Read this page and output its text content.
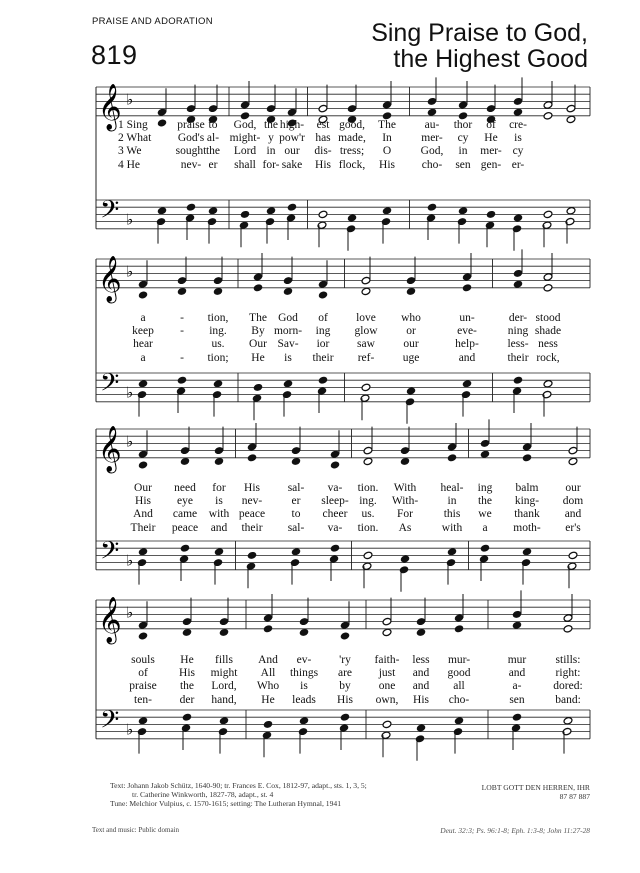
PRAISE AND ADORATION
819
Sing Praise to God,
the Highest Good
𝄞
𝄢
♭
♭
𝄞
𝄢
♭
♭
𝄞
𝄢
♭
♭
𝄞
𝄢
♭
♭
1 Sing	praise to God, the high- est good, The au- thor of cre-
2 What God's al- might- y pow'r has made, In	mer- cy He is
3 We	sought the Lord in our dis- tress; O	God, in mer- cy
4 He	nev- er shall for- sake His flock, His cho- sen gen- er-
a	- tion, The God of love who	un-	der- stood
keep - ing. By morn- ing glow or	eve-	ning shade
hear	us. Our Sav- ior saw our	help- less- ness
a	- tion; He is their ref- uge	and	their rock,
Our need for His sal- va- tion. With heal- ing balm our
His eye is nev-	er sleep- ing. With-	in the king- dom
And came with peace to cheer us. For	this we thank and
Their peace and their sal- va- tion. As	with a moth- er's
souls He fills And ev- 'ry faith- less mur-	mur	stills:
of	His might All things are just and good	and	right:
praise the Lord, Who is	by one and all	a-	dored:
ten- der hand, He leads His own, His cho-	sen	band:
Text: Johann Jakob Schütz, 1640-90; tr. Frances E. Cox, 1812-97, adapt., sts. 1, 3, 5;
tr. Catherine Winkworth, 1827-78, adapt., st. 4
Tune: Melchior Vulpius, c. 1570-1615; setting: The Lutheran Hymnal, 1941
LOBT GOTT DEN HERREN, IHR
87 87 887
Text and music: Public domain	Deut. 32:3; Ps. 96:1-8; Eph. 1:3-8; John 11:27-28
